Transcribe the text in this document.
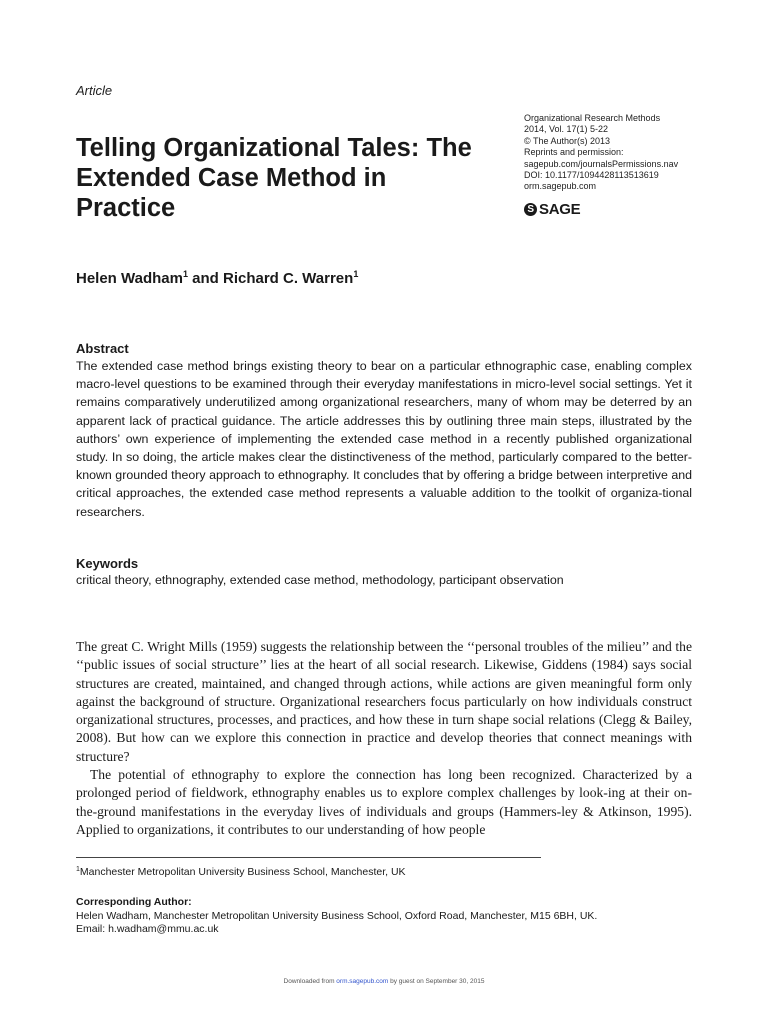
Article
Telling Organizational Tales: The Extended Case Method in Practice
Organizational Research Methods
2014, Vol. 17(1) 5-22
© The Author(s) 2013
Reprints and permission:
sagepub.com/journalsPermissions.nav
DOI: 10.1177/1094428113513619
orm.sagepub.com
S SAGE
Helen Wadham$^1$ and Richard C. Warren$^1$
Abstract
The extended case method brings existing theory to bear on a particular ethnographic case, enabling complex macro-level questions to be examined through their everyday manifestations in micro-level social settings. Yet it remains comparatively underutilized among organizational researchers, many of whom may be deterred by an apparent lack of practical guidance. The article addresses this by outlining three main steps, illustrated by the authors’ own experience of implementing the extended case method in a recently published organizational study. In so doing, the article makes clear the distinctiveness of the method, particularly compared to the better-known grounded theory approach to ethnography. It concludes that by offering a bridge between interpretive and critical approaches, the extended case method represents a valuable addition to the toolkit of organiza-tional researchers.
Keywords
critical theory, ethnography, extended case method, methodology, participant observation

The great C. Wright Mills (1959) suggests the relationship between the ‘‘personal troubles of the milieu’’ and the ‘‘public issues of social structure’’ lies at the heart of all social research. Likewise, Giddens (1984) says social structures are created, maintained, and changed through actions, while actions are given meaningful form only against the background of structure. Organizational researchers focus particularly on how individuals construct organizational structures, processes, and practices, and how these in turn shape social relations (Clegg & Bailey, 2008). But how can we explore this connection in practice and develop theories that connect meanings with structure?

The potential of ethnography to explore the connection has long been recognized. Characterized by a prolonged period of fieldwork, ethnography enables us to explore complex challenges by look-ing at their on-the-ground manifestations in the everyday lives of individuals and groups (Hammers-ley & Atkinson, 1995). Applied to organizations, it contributes to our understanding of how people

$^1$Manchester Metropolitan University Business School, Manchester, UK
Corresponding Author:
Helen Wadham, Manchester Metropolitan University Business School, Oxford Road, Manchester, M15 6BH, UK.
Email: h.wadham@mmu.ac.uk
Downloaded from orm.sagepub.com by guest on September 30, 2015
